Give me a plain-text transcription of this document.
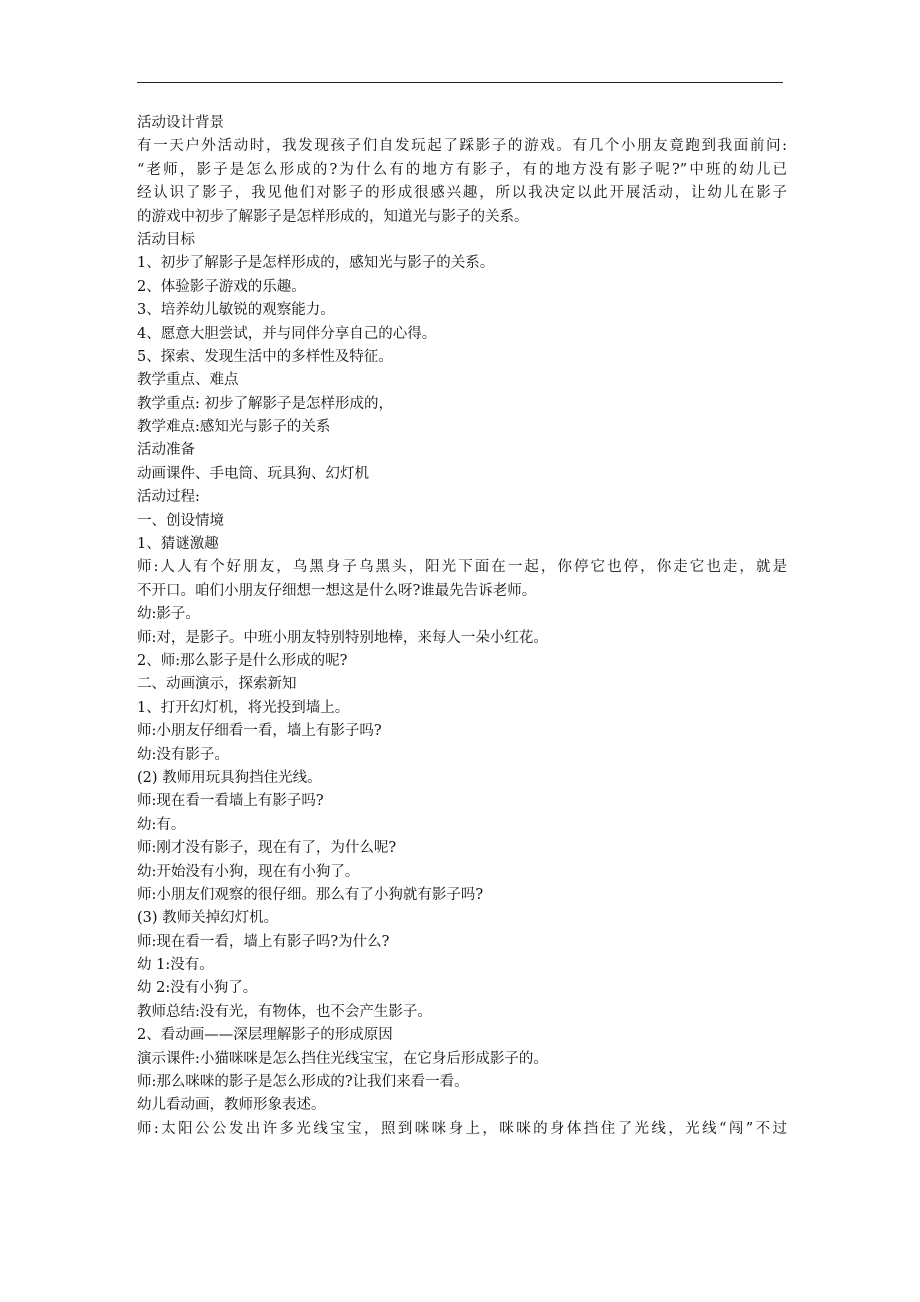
活动设计背景
有一天户外活动时，我发现孩子们自发玩起了踩影子的游戏。有几个小朋友竟跑到我面前问:
“老师，影子是怎么形成的?为什么有的地方有影子，有的地方没有影子呢?”中班的幼儿已
经认识了影子，我见他们对影子的形成很感兴趣，所以我决定以此开展活动，让幼儿在影子
的游戏中初步了解影子是怎样形成的，知道光与影子的关系。
活动目标
1、初步了解影子是怎样形成的，感知光与影子的关系。
2、体验影子游戏的乐趣。
3、培养幼儿敏锐的观察能力。
4、愿意大胆尝试，并与同伴分享自己的心得。
5、探索、发现生活中的多样性及特征。
教学重点、难点
教学重点: 初步了解影子是怎样形成的，
教学难点:感知光与影子的关系
活动准备
动画课件、手电筒、玩具狗、幻灯机
活动过程:
一、创设情境
1、猜谜激趣
师:人人有个好朋友，乌黑身子乌黑头，阳光下面在一起，你停它也停，你走它也走，就是
不开口。咱们小朋友仔细想一想这是什么呀?谁最先告诉老师。
幼:影子。
师:对，是影子。中班小朋友特别特别地棒，来每人一朵小红花。
2、师:那么影子是什么形成的呢?
二、动画演示，探索新知
1、打开幻灯机，将光投到墙上。
师:小朋友仔细看一看，墙上有影子吗?
幼:没有影子。
(2) 教师用玩具狗挡住光线。
师:现在看一看墙上有影子吗?
幼:有。
师:刚才没有影子，现在有了，为什么呢?
幼:开始没有小狗，现在有小狗了。
师:小朋友们观察的很仔细。那么有了小狗就有影子吗?
(3) 教师关掉幻灯机。
师:现在看一看，墙上有影子吗?为什么?
幼 1:没有。
幼 2:没有小狗了。
教师总结:没有光，有物体，也不会产生影子。
2、看动画——深层理解影子的形成原因
演示课件:小猫咪咪是怎么挡住光线宝宝，在它身后形成影子的。
师:那么咪咪的影子是怎么形成的?让我们来看一看。
幼儿看动画，教师形象表述。
师:太阳公公发出许多光线宝宝，照到咪咪身上，咪咪的身体挡住了光线，光线“闯”不过
